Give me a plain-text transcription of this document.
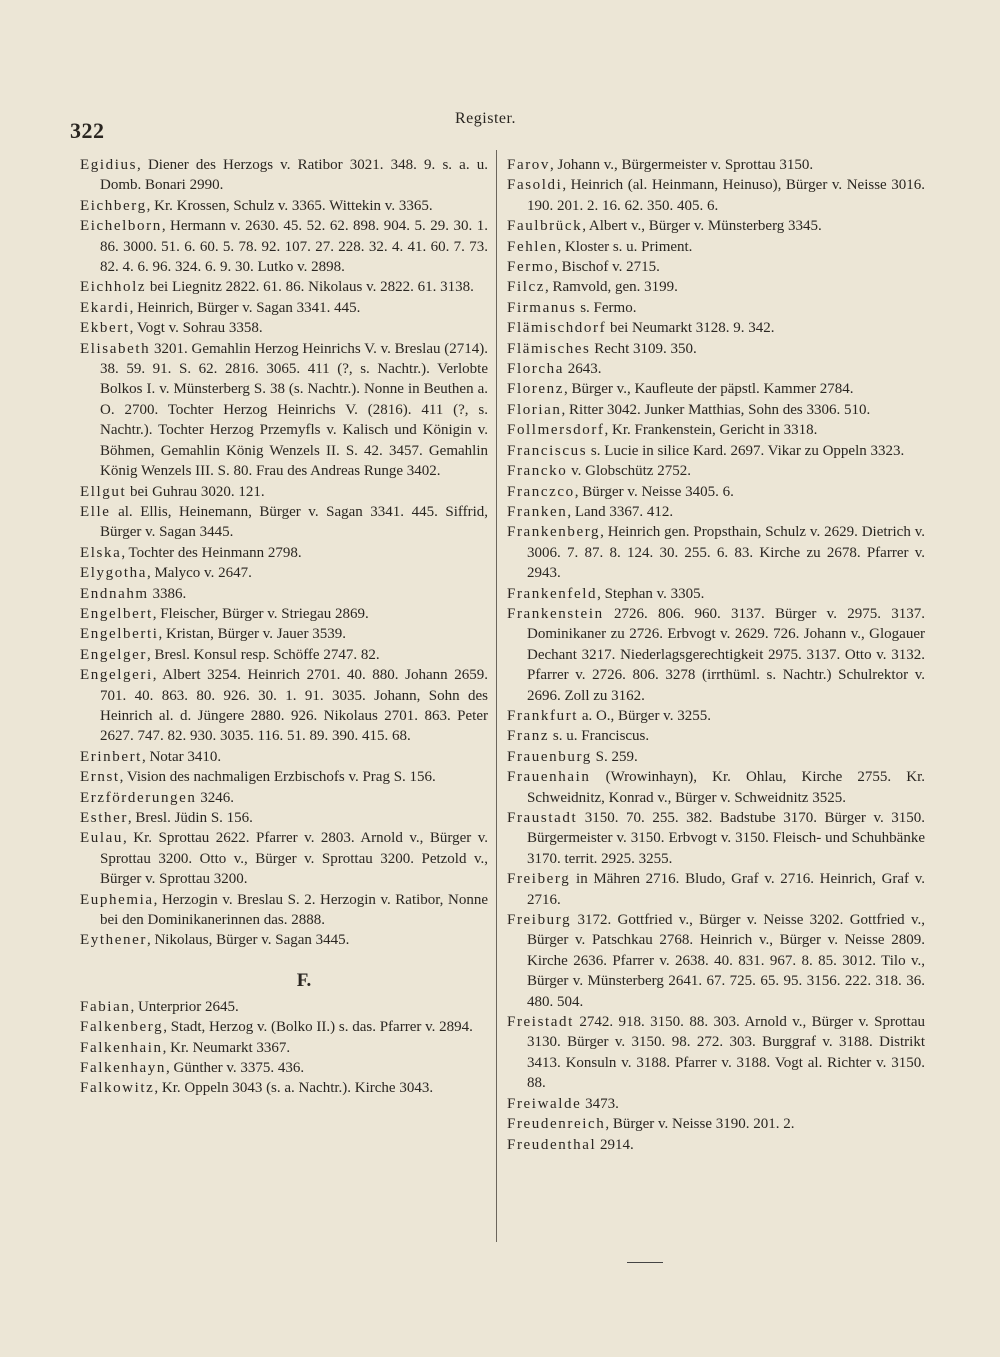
322	Register.
Egidius, Diener des Herzogs v. Ratibor 3021. 348. 9. s. a. u. Domb. Bonari 2990.
Eichberg, Kr. Krossen, Schulz v. 3365. Wittekin v. 3365.
Eichelborn, Hermann v. 2630. 45. 52. 62. 898. 904. 5. 29. 30. 1. 86. 3000. 51. 6. 60. 5. 78. 92. 107. 27. 228. 32. 4. 41. 60. 7. 73. 82. 4. 6. 96. 324. 6. 9. 30. Lutko v. 2898.
Eichholz bei Liegnitz 2822. 61. 86. Nikolaus v. 2822. 61. 3138.
Ekardi, Heinrich, Bürger v. Sagan 3341. 445.
Ekbert, Vogt v. Sohrau 3358.
Elisabeth 3201. Gemahlin Herzog Heinrichs V. v. Breslau (2714). 38. 59. 91. S. 62. 2816. 3065. 411 (?, s. Nachtr.). Verlobte Bolkos I. v. Münsterberg S. 38 (s. Nachtr.). Nonne in Beuthen a. O. 2700. Tochter Herzog Heinrichs V. (2816). 411 (?, s. Nachtr.). Tochter Herzog Przemyfls v. Kalisch und Königin v. Böhmen, Gemahlin König Wenzels II. S. 42. 3457. Gemahlin König Wenzels III. S. 80. Frau des Andreas Runge 3402.
Ellgut bei Guhrau 3020. 121.
Elle al. Ellis, Heinemann, Bürger v. Sagan 3341. 445. Siffrid, Bürger v. Sagan 3445.
Elska, Tochter des Heinmann 2798.
Elygotha, Malyco v. 2647.
Endnahm 3386.
Engelbert, Fleischer, Bürger v. Striegau 2869.
Engelberti, Kristan, Bürger v. Jauer 3539.
Engelger, Bresl. Konsul resp. Schöffe 2747. 82.
Engelgeri, Albert 3254. Heinrich 2701. 40. 880. Johann 2659. 701. 40. 863. 80. 926. 30. 1. 91. 3035. Johann, Sohn des Heinrich al. d. Jüngere 2880. 926. Nikolaus 2701. 863. Peter 2627. 747. 82. 930. 3035. 116. 51. 89. 390. 415. 68.
Erinbert, Notar 3410.
Ernst, Vision des nachmaligen Erzbischofs v. Prag S. 156.
Erzförderungen 3246.
Esther, Bresl. Jüdin S. 156.
Eulau, Kr. Sprottau 2622. Pfarrer v. 2803. Arnold v., Bürger v. Sprottau 3200. Otto v., Bürger v. Sprottau 3200. Petzold v., Bürger v. Sprottau 3200.
Euphemia, Herzogin v. Breslau S. 2. Herzogin v. Ratibor, Nonne bei den Dominikanerinnen das. 2888.
Eythener, Nikolaus, Bürger v. Sagan 3445.
F.
Fabian, Unterprior 2645.
Falkenberg, Stadt, Herzog v. (Bolko II.) s. das. Pfarrer v. 2894.
Falkenhain, Kr. Neumarkt 3367.
Falkenhayn, Günther v. 3375. 436.
Falkowitz, Kr. Oppeln 3043 (s. a. Nachtr.). Kirche 3043.
Farov, Johann v., Bürgermeister v. Sprottau 3150.
Fasoldi, Heinrich (al. Heinmann, Heinuso), Bürger v. Neisse 3016. 190. 201. 2. 16. 62. 350. 405. 6.
Faulbrück, Albert v., Bürger v. Münsterberg 3345.
Fehlen, Kloster s. u. Priment.
Fermo, Bischof v. 2715.
Filcz, Ramvold, gen. 3199.
Firmanus s. Fermo.
Flämischdorf bei Neumarkt 3128. 9. 342.
Flämisches Recht 3109. 350.
Florcha 2643.
Florenz, Bürger v., Kaufleute der päpstl. Kammer 2784.
Florian, Ritter 3042. Junker Matthias, Sohn des 3306. 510.
Follmersdorf, Kr. Frankenstein, Gericht in 3318.
Franciscus s. Lucie in silice Kard. 2697. Vikar zu Oppeln 3323.
Francko v. Globschütz 2752.
Franczco, Bürger v. Neisse 3405. 6.
Franken, Land 3367. 412.
Frankenberg, Heinrich gen. Propsthain, Schulz v. 2629. Dietrich v. 3006. 7. 87. 8. 124. 30. 255. 6. 83. Kirche zu 2678. Pfarrer v. 2943.
Frankenfeld, Stephan v. 3305.
Frankenstein 2726. 806. 960. 3137. Bürger v. 2975. 3137. Dominikaner zu 2726. Erbvogt v. 2629. 726. Johann v., Glogauer Dechant 3217. Niederlagsgerechtigkeit 2975. 3137. Otto v. 3132. Pfarrer v. 2726. 806. 3278 (irrthüml. s. Nachtr.) Schulrektor v. 2696. Zoll zu 3162.
Frankfurt a. O., Bürger v. 3255.
Franz s. u. Franciscus.
Frauenburg S. 259.
Frauenhain (Wrowinhayn), Kr. Ohlau, Kirche 2755. Kr. Schweidnitz, Konrad v., Bürger v. Schweidnitz 3525.
Fraustadt 3150. 70. 255. 382. Badstube 3170. Bürger v. 3150. Bürgermeister v. 3150. Erbvogt v. 3150. Fleisch- und Schuhbänke 3170. territ. 2925. 3255.
Freiberg in Mähren 2716. Bludo, Graf v. 2716. Heinrich, Graf v. 2716.
Freiburg 3172. Gottfried v., Bürger v. Neisse 3202. Gottfried v., Bürger v. Patschkau 2768. Heinrich v., Bürger v. Neisse 2809. Kirche 2636. Pfarrer v. 2638. 40. 831. 967. 8. 85. 3012. Tilo v., Bürger v. Münsterberg 2641. 67. 725. 65. 95. 3156. 222. 318. 36. 480. 504.
Freistadt 2742. 918. 3150. 88. 303. Arnold v., Bürger v. Sprottau 3130. Bürger v. 3150. 98. 272. 303. Burggraf v. 3188. Distrikt 3413. Konsuln v. 3188. Pfarrer v. 3188. Vogt al. Richter v. 3150. 88.
Freiwalde 3473.
Freudenreich, Bürger v. Neisse 3190. 201. 2.
Freudenthal 2914.
